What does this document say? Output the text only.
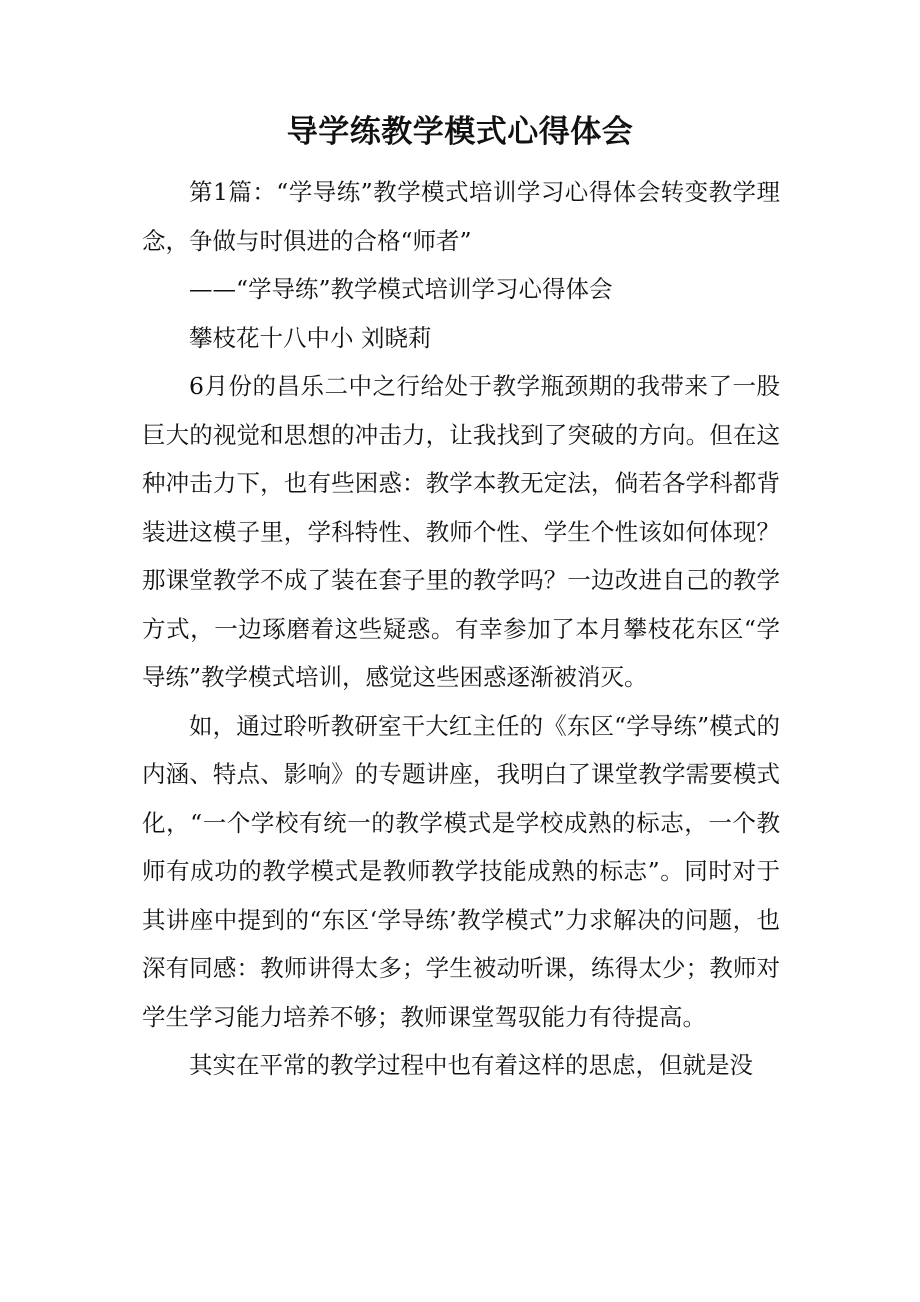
导学练教学模式心得体会

第1篇：“学导练”教学模式培训学习心得体会转变教学理念，争做与时俱进的合格“师者”

——“学导练”教学模式培训学习心得体会

攀枝花十八中小 刘晓莉

6月份的昌乐二中之行给处于教学瓶颈期的我带来了一股巨大的视觉和思想的冲击力，让我找到了突破的方向。但在这种冲击力下，也有些困惑：教学本教无定法，倘若各学科都背装进这模子里，学科特性、教师个性、学生个性该如何体现？那课堂教学不成了装在套子里的教学吗？一边改进自己的教学方式，一边琢磨着这些疑惑。有幸参加了本月攀枝花东区“学导练”教学模式培训，感觉这些困惑逐渐被消灭。

如，通过聆听教研室干大红主任的《东区“学导练”模式的内涵、特点、影响》的专题讲座，我明白了课堂教学需要模式化，“一个学校有统一的教学模式是学校成熟的标志，一个教师有成功的教学模式是教师教学技能成熟的标志”。同时对于其讲座中提到的“东区‘学导练’教学模式”力求解决的问题，也深有同感：教师讲得太多；学生被动听课，练得太少；教师对学生学习能力培养不够；教师课堂驾驭能力有待提高。

其实在平常的教学过程中也有着这样的思虑，但就是没
